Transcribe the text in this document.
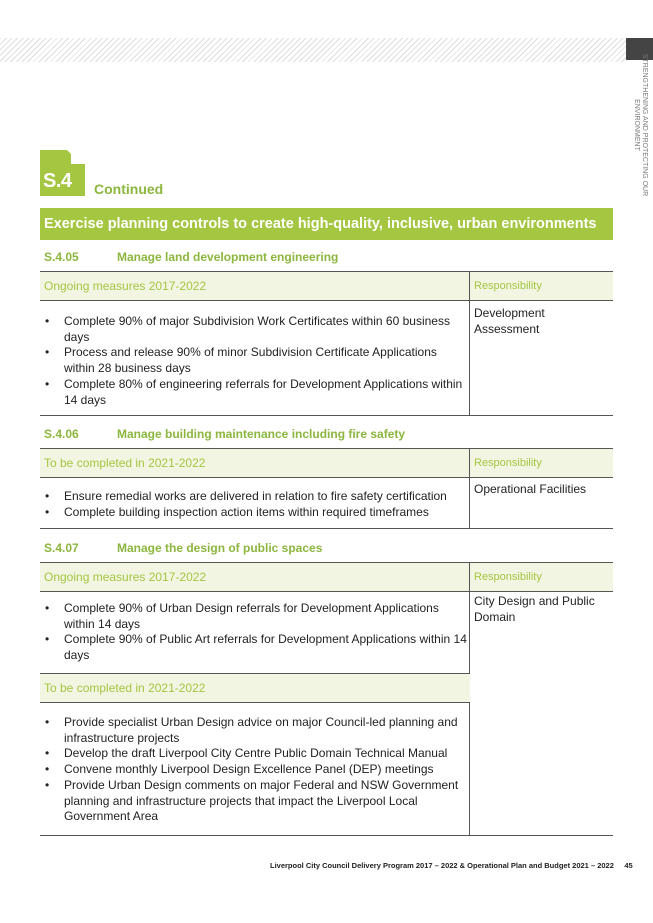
STRENGTHENING AND PROTECTING OUR ENVIRONMENT
S.4 Continued
Exercise planning controls to create high-quality, inclusive, urban environments
S.4.05	Manage land development engineering
Ongoing measures 2017-2022	Responsibility
• Complete 90% of major Subdivision Work Certificates within 60 business days
• Process and release 90% of minor Subdivision Certificate Applications within 28 business days
• Complete 80% of engineering referrals for Development Applications within 14 days
Development Assessment
S.4.06	Manage building maintenance including fire safety
To be completed in 2021-2022	Responsibility
• Ensure remedial works are delivered in relation to fire safety certification
• Complete building inspection action items within required timeframes
Operational Facilities
S.4.07	Manage the design of public spaces
Ongoing measures 2017-2022	Responsibility
• Complete 90% of Urban Design referrals for Development Applications within 14 days
• Complete 90% of Public Art referrals for Development Applications within 14 days
City Design and Public Domain
To be completed in 2021-2022
• Provide specialist Urban Design advice on major Council-led planning and infrastructure projects
• Develop the draft Liverpool City Centre Public Domain Technical Manual
• Convene monthly Liverpool Design Excellence Panel (DEP) meetings
• Provide Urban Design comments on major Federal and NSW Government planning and infrastructure projects that impact the Liverpool Local Government Area
Liverpool City Council Delivery Program 2017 – 2022 & Operational Plan and Budget 2021 – 2022 45
